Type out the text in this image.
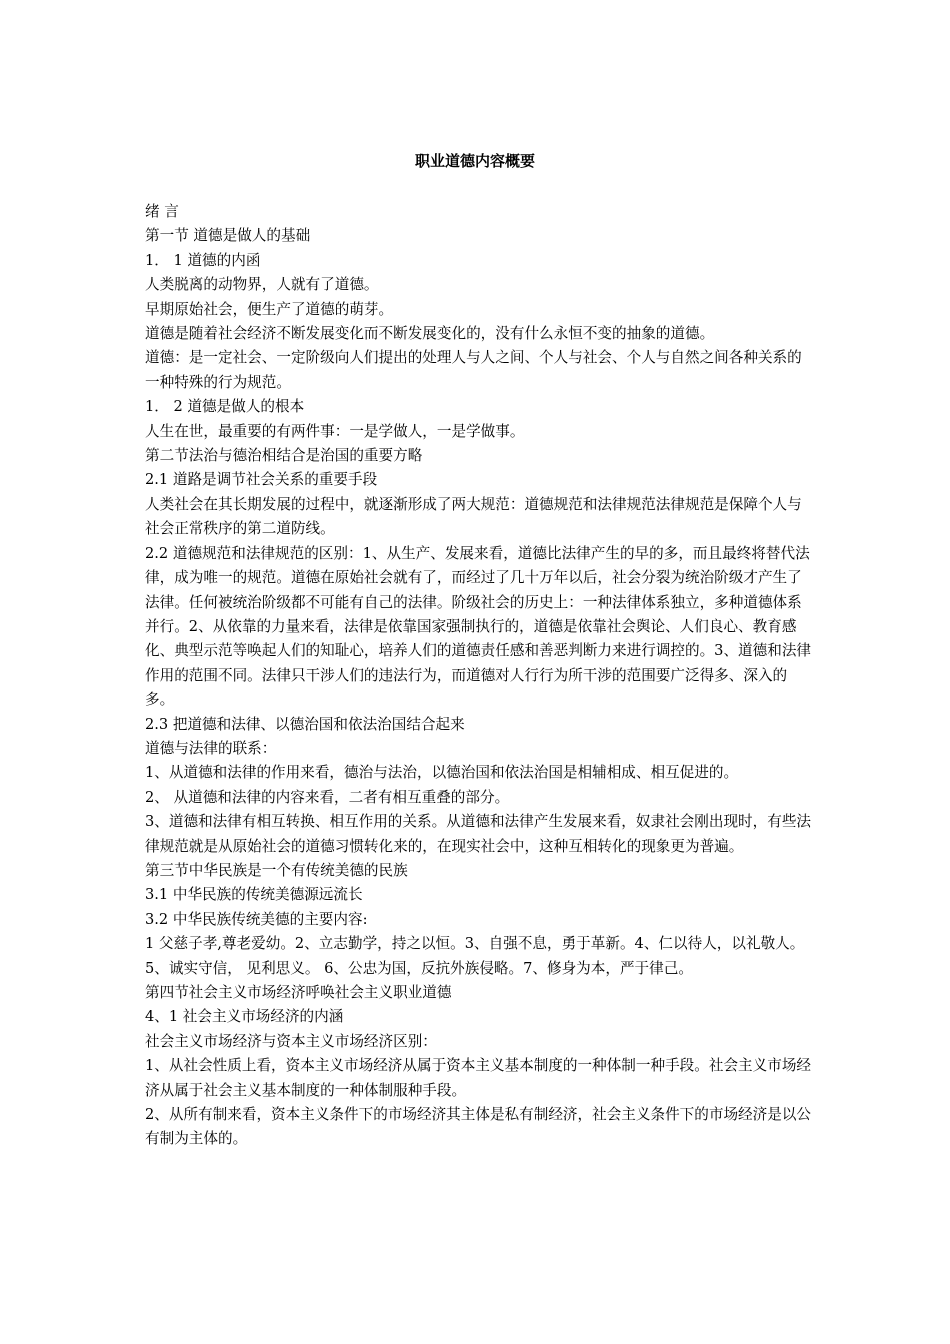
职业道德内容概要

绪 言

第一节 道德是做人的基础

1． 1 道德的内函

人类脱离的动物界，人就有了道德。

早期原始社会，便生产了道德的萌芽。

道德是随着社会经济不断发展变化而不断发展变化的，没有什么永恒不变的抽象的道德。

道德：是一定社会、一定阶级向人们提出的处理人与人之间、个人与社会、个人与自然之间各种关系的一种特殊的行为规范。

1． 2 道德是做人的根本

人生在世，最重要的有两件事：一是学做人，一是学做事。

第二节法治与德治相结合是治国的重要方略

2.1 道路是调节社会关系的重要手段

人类社会在其长期发展的过程中，就逐渐形成了两大规范：道德规范和法律规范法律规范是保障个人与社会正常秩序的第二道防线。

2.2 道德规范和法律规范的区别：1、从生产、发展来看，道德比法律产生的早的多，而且最终将替代法律，成为唯一的规范。道德在原始社会就有了，而经过了几十万年以后，社会分裂为统治阶级才产生了法律。任何被统治阶级都不可能有自己的法律。阶级社会的历史上：一种法律体系独立，多种道德体系并行。2、从依靠的力量来看，法律是依靠国家强制执行的，道德是依靠社会舆论、人们良心、教育感化、典型示范等唤起人们的知耻心，培养人们的道德责任感和善恶判断力来进行调控的。3、道德和法律作用的范围不同。法律只干涉人们的违法行为，而道德对人行行为所干涉的范围要广泛得多、深入的多。

2.3 把道德和法律、以德治国和依法治国结合起来

道德与法律的联系：

1、从道德和法律的作用来看，德治与法治，以德治国和依法治国是相辅相成、相互促进的。

2、 从道德和法律的内容来看，二者有相互重叠的部分。

3、道德和法律有相互转换、相互作用的关系。从道德和法律产生发展来看，奴隶社会刚出现时，有些法律规范就是从原始社会的道德习惯转化来的，在现实社会中，这种互相转化的现象更为普遍。

第三节中华民族是一个有传统美德的民族

3.1 中华民族的传统美德源远流长

3.2 中华民族传统美德的主要内容:

1 父慈子孝,尊老爱幼。2、立志勤学，持之以恒。3、自强不息，勇于革新。4、仁以待人，以礼敬人。

5、诚实守信， 见利思义。 6、公忠为国，反抗外族侵略。7、修身为本，严于律己。

第四节社会主义市场经济呼唤社会主义职业道德

4、1 社会主义市场经济的内涵

社会主义市场经济与资本主义市场经济区别：

1、从社会性质上看，资本主义市场经济从属于资本主义基本制度的一种体制一种手段。社会主义市场经济从属于社会主义基本制度的一种体制服种手段。

2、从所有制来看，资本主义条件下的市场经济其主体是私有制经济，社会主义条件下的市场经济是以公有制为主体的。
